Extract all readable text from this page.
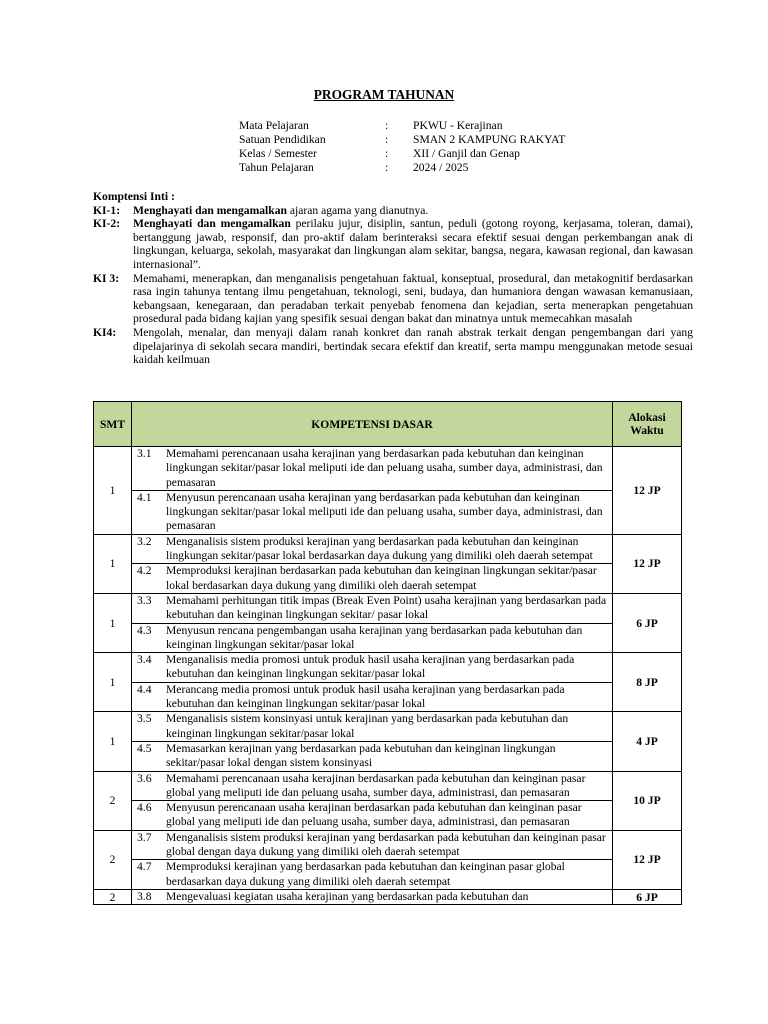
PROGRAM TAHUNAN
Mata Pelajaran	:	PKWU - Kerajinan
Satuan Pendidikan	:	SMAN 2 KAMPUNG RAKYAT
Kelas / Semester	:	XII / Ganjil dan Genap
Tahun Pelajaran	:	2024 / 2025
Komptensi Inti :
KI-1:	Menghayati dan mengamalkan ajaran agama yang dianutnya.
KI-2:	Menghayati dan mengamalkan perilaku jujur, disiplin, santun, peduli (gotong royong, kerjasama, toleran, damai), bertanggung jawab, responsif, dan pro-aktif dalam berinteraksi secara efektif sesuai dengan perkembangan anak di lingkungan, keluarga, sekolah, masyarakat dan lingkungan alam sekitar, bangsa, negara, kawasan regional, dan kawasan internasional”.
KI 3:	Memahami, menerapkan, dan menganalisis pengetahuan faktual, konseptual, prosedural, dan metakognitif berdasarkan rasa ingin tahunya tentang ilmu pengetahuan, teknologi, seni, budaya, dan humaniora dengan wawasan kemanusiaan, kebangsaan, kenegaraan, dan peradaban terkait penyebab fenomena dan kejadian, serta menerapkan pengetahuan prosedural pada bidang kajian yang spesifik sesuai dengan bakat dan minatnya untuk memecahkan masalah
KI4:	Mengolah, menalar, dan menyaji dalam ranah konkret dan ranah abstrak terkait dengan pengembangan dari yang dipelajarinya di sekolah secara mandiri, bertindak secara efektif dan kreatif, serta mampu menggunakan metode sesuai kaidah keilmuan
SMT	KOMPETENSI DASAR	Alokasi Waktu
1	3.1 Memahami perencanaan usaha kerajinan yang berdasarkan pada kebutuhan dan keinginan lingkungan sekitar/pasar lokal meliputi ide dan peluang usaha, sumber daya, administrasi, dan pemasaran
4.1 Menyusun perencanaan usaha kerajinan yang berdasarkan pada kebutuhan dan keinginan lingkungan sekitar/pasar lokal meliputi ide dan peluang usaha, sumber daya, administrasi, dan pemasaran	12 JP
1	3.2 Menganalisis sistem produksi kerajinan yang berdasarkan pada kebutuhan dan keinginan lingkungan sekitar/pasar lokal berdasarkan daya dukung yang dimiliki oleh daerah setempat
4.2 Memproduksi kerajinan berdasarkan pada kebutuhan dan keinginan lingkungan sekitar/pasar lokal berdasarkan daya dukung yang dimiliki oleh daerah setempat	12 JP
1	3.3 Memahami perhitungan titik impas (Break Even Point) usaha kerajinan yang berdasarkan pada kebutuhan dan keinginan lingkungan sekitar/ pasar lokal
4.3 Menyusun rencana pengembangan usaha kerajinan yang berdasarkan pada kebutuhan dan keinginan lingkungan sekitar/pasar lokal	6 JP
1	3.4 Menganalisis media promosi untuk produk hasil usaha kerajinan yang berdasarkan pada kebutuhan dan keinginan lingkungan sekitar/pasar lokal
4.4 Merancang media promosi untuk produk hasil usaha kerajinan yang berdasarkan pada kebutuhan dan keinginan lingkungan sekitar/pasar lokal	8 JP
1	3.5 Menganalisis sistem konsinyasi untuk kerajinan yang berdasarkan pada kebutuhan dan keinginan lingkungan sekitar/pasar lokal
4.5 Memasarkan kerajinan yang berdasarkan pada kebutuhan dan keinginan lingkungan sekitar/pasar lokal dengan sistem konsinyasi	4 JP
2	3.6 Memahami perencanaan usaha kerajinan berdasarkan pada kebutuhan dan keinginan pasar global yang meliputi ide dan peluang usaha, sumber daya, administrasi, dan pemasaran
4.6 Menyusun perencanaan usaha kerajinan berdasarkan pada kebutuhan dan keinginan pasar global yang meliputi ide dan peluang usaha, sumber daya, administrasi, dan pemasaran	10 JP
2	3.7 Menganalisis sistem produksi kerajinan yang berdasarkan pada kebutuhan dan keinginan pasar global dengan daya dukung yang dimiliki oleh daerah setempat
4.7 Memproduksi kerajinan yang berdasarkan pada kebutuhan dan keinginan pasar global berdasarkan daya dukung yang dimiliki oleh daerah setempat	12 JP
2	3.8 Mengevaluasi kegiatan usaha kerajinan yang berdasarkan pada kebutuhan dan	6 JP
